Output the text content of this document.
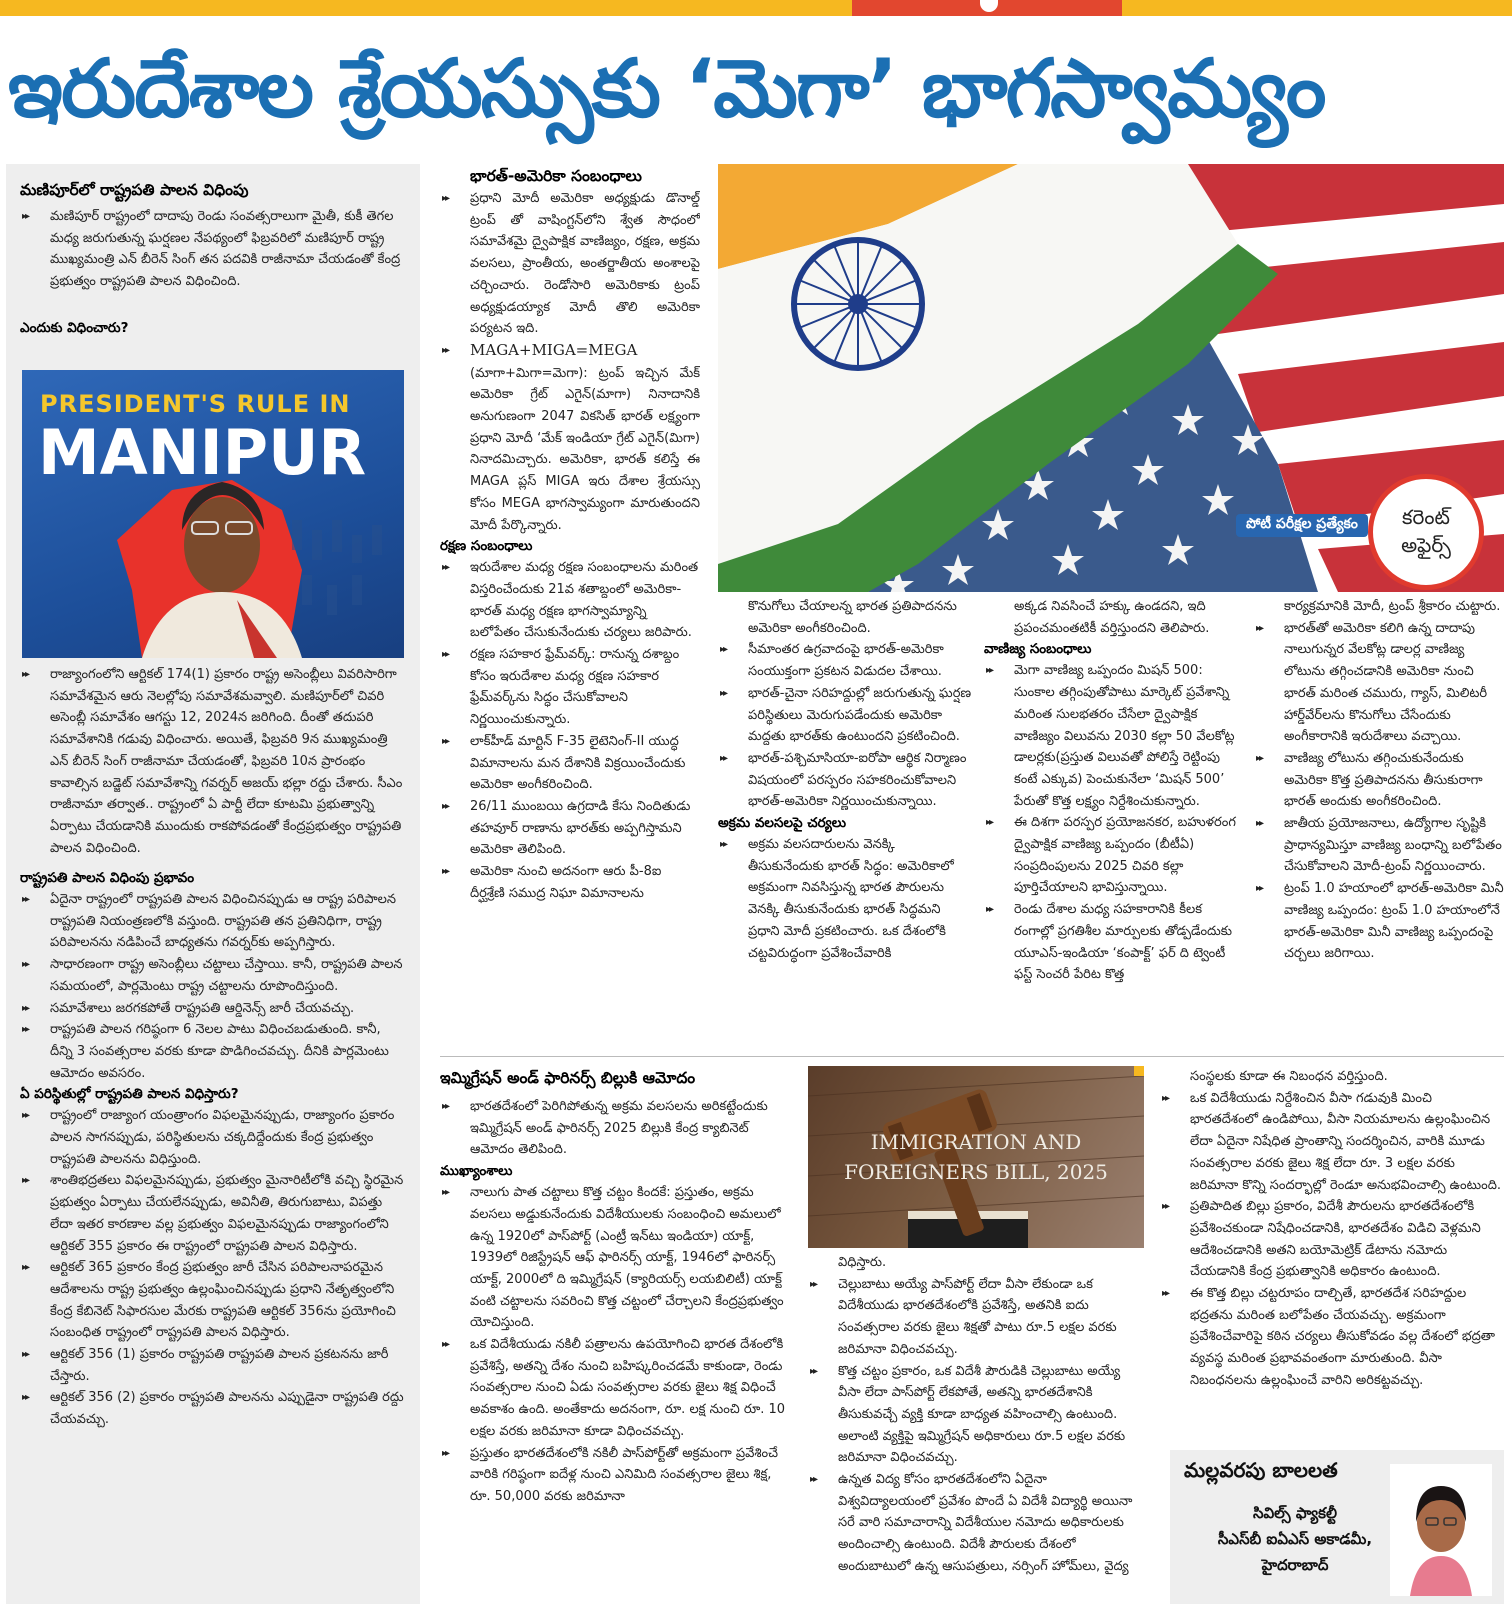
ఇరుదేశాల శ్రేయస్సుకు ‘మెగా’ భాగస్వామ్యం
మణిపూర్‌లో రాష్ట్రపతి పాలన విధింపు
▸▸ మణిపూర్ రాష్ట్రంలో దాదాపు రెండు సంవత్సరాలుగా మైతీ, కుకీ తెగల మధ్య జరుగుతున్న ఘర్షణల నేపథ్యంలో ఫిబ్రవరిలో మణిపూర్ రాష్ట్ర ముఖ్యమంత్రి ఎన్ బీరెన్ సింగ్ తన పదవికి రాజీనామా చేయడంతో కేంద్ర ప్రభుత్వం రాష్ట్రపతి పాలన విధించింది.
ఎందుకు విధించారు?
PRESIDENT'S RULE IN
MANIPUR
▸▸ రాజ్యాంగంలోని ఆర్టికల్ 174(1) ప్రకారం రాష్ట్ర అసెంబ్లీలు వివరిసారిగా సమావేశమైన ఆరు నెలల్లోపు సమావేశమవ్వాలి. మణిపూర్‌లో చివరి అసెంబ్లీ సమావేశం ఆగస్టు 12, 2024న జరిగింది. దీంతో తదుపరి సమావేశానికి గడువు విధించారు. అయితే, ఫిబ్రవరి 9న ముఖ్యమంత్రి ఎన్ బీరెన్ సింగ్ రాజీనామా చేయడంతో, ఫిబ్రవరి 10న ప్రారంభం కావాల్సిన బడ్జెట్ సమావేశాన్ని గవర్నర్ అజయ్ భల్లా రద్దు చేశారు. సీఎం రాజీనామా తర్వాత.. రాష్ట్రంలో ఏ పార్టీ లేదా కూటమి ప్రభుత్వాన్ని ఏర్పాటు చేయడానికి ముందుకు రాకపోవడంతో కేంద్రప్రభుత్వం రాష్ట్రపతి పాలన విధించింది.
రాష్ట్రపతి పాలన విధింపు ప్రభావం
▸▸ ఏదైనా రాష్ట్రంలో రాష్ట్రపతి పాలన విధించినప్పుడు ఆ రాష్ట్ర పరిపాలన రాష్ట్రపతి నియంత్రణలోకి వస్తుంది. రాష్ట్రపతి తన ప్రతినిధిగా, రాష్ట్ర పరిపాలనను నడిపించే బాధ్యతను గవర్నర్‌కు అప్పగిస్తారు.
▸▸ సాధారణంగా రాష్ట్ర అసెంబ్లీలు చట్టాలు చేస్తాయి. కానీ, రాష్ట్రపతి పాలన సమయంలో, పార్లమెంటు రాష్ట్ర చట్టాలను రూపొందిస్తుంది.
▸▸ సమావేశాలు జరగకపోతే రాష్ట్రపతి ఆర్డినెన్స్ జారీ చేయవచ్చు.
▸▸ రాష్ట్రపతి పాలన గరిష్ఠంగా 6 నెలల పాటు విధించబడుతుంది. కానీ, దీన్ని 3 సంవత్సరాల వరకు కూడా పొడిగించవచ్చు. దీనికి పార్లమెంటు ఆమోదం అవసరం.
ఏ పరిస్థితుల్లో రాష్ట్రపతి పాలన విధిస్తారు?
▸▸ రాష్ట్రంలో రాజ్యాంగ యంత్రాంగం విఫలమైనప్పుడు, రాజ్యాంగం ప్రకారం పాలన సాగనప్పుడు, పరిస్థితులను చక్కదిద్దేందుకు కేంద్ర ప్రభుత్వం రాష్ట్రపతి పాలనను విధిస్తుంది.
▸▸ శాంతిభద్రతలు విఫలమైనప్పుడు, ప్రభుత్వం మైనారిటీలోకి వచ్చి స్థిరమైన ప్రభుత్వం ఏర్పాటు చేయలేనప్పుడు, అవినీతి, తిరుగుబాటు, విపత్తు లేదా ఇతర కారణాల వల్ల ప్రభుత్వం విఫలమైనప్పుడు రాజ్యాంగంలోని ఆర్టికల్ 355 ప్రకారం ఈ రాష్ట్రంలో రాష్ట్రపతి పాలన విధిస్తారు.
▸▸ ఆర్టికల్ 365 ప్రకారం కేంద్ర ప్రభుత్వం జారీ చేసిన పరిపాలనాపరమైన ఆదేశాలను రాష్ట్ర ప్రభుత్వం ఉల్లంఘించినప్పుడు ప్రధాని నేతృత్వంలోని కేంద్ర కేబినెట్ సిఫారసుల మేరకు రాష్ట్రపతి ఆర్టికల్ 356ను ప్రయోగించి సంబంధిత రాష్ట్రంలో రాష్ట్రపతి పాలన విధిస్తారు.
▸▸ ఆర్టికల్ 356 (1) ప్రకారం రాష్ట్రపతి రాష్ట్రపతి పాలన ప్రకటనను జారీ చేస్తారు.
▸▸ ఆర్టికల్ 356 (2) ప్రకారం రాష్ట్రపతి పాలనను ఎప్పుడైనా రాష్ట్రపతి రద్దు చేయవచ్చు.
భారత్-అమెరికా సంబంధాలు
▸▸ ప్రధాని మోదీ అమెరికా అధ్యక్షుడు డొనాల్డ్ ట్రంప్ తో వాషింగ్టన్‌లోని శ్వేత సౌధంలో సమావేశమై ద్వైపాక్షిక వాణిజ్యం, రక్షణ, అక్రమ వలసలు, ప్రాంతీయ, అంతర్జాతీయ అంశాలపై చర్చించారు. రెండోసారి అమెరికాకు ట్రంప్ అధ్యక్షుడయ్యాక మోదీ తొలి అమెరికా పర్యటన ఇది.
▸▸ MAGA+MIGA=MEGA (మాగా+మిగా=మెగా): ట్రంప్ ఇచ్చిన మేక్ అమెరికా గ్రేట్ ఎగైన్(మాగా) నినాదానికి అనుగుణంగా 2047 వికసిత్ భారత్ లక్ష్యంగా ప్రధాని మోదీ ‘మేక్ ఇండియా గ్రేట్ ఎగైన్(మిగా) నినాదమిచ్చారు. అమెరికా, భారత్ కలిస్తే ఈ MAGA ప్లస్ MIGA ఇరు దేశాల శ్రేయస్సు కోసం MEGA భాగస్వామ్యంగా మారుతుందని మోదీ పేర్కొన్నారు.
రక్షణ సంబంధాలు
▸▸ ఇరుదేశాల మధ్య రక్షణ సంబంధాలను మరింత విస్తరించేందుకు 21వ శతాబ్దంలో అమెరికా-భారత్ మధ్య రక్షణ భాగస్వామ్యాన్ని బలోపేతం చేసుకునేందుకు చర్యలు జరిపారు.
▸▸ రక్షణ సహకార ఫ్రేమ్‌వర్క్: రానున్న దశాబ్దం కోసం ఇరుదేశాల మధ్య రక్షణ సహకార ఫ్రేమ్‌వర్క్‌ను సిద్ధం చేసుకోవాలని నిర్ణయించుకున్నారు.
▸▸ లాక్‌హీడ్ మార్టిన్ F-35 లైటెనింగ్-II యుద్ధ విమానాలను మన దేశానికి విక్రయించేందుకు అమెరికా అంగీకరించింది.
▸▸ 26/11 ముంబయి ఉగ్రదాడి కేసు నిందితుడు తహవూర్ రాణాను భారత్‌కు అప్పగిస్తామని అమెరికా తెలిపింది.
▸▸ అమెరికా నుంచి అదనంగా ఆరు పీ-8ఐ దీర్ఘశ్రేణి సముద్ర నిఘా విమానాలను
పోటీ పరీక్షల ప్రత్యేకం	కరెంట్
అఫైర్స్
కొనుగోలు చేయాలన్న భారత ప్రతిపాదనను అమెరికా అంగీకరించింది.
▸▸ సీమాంతర ఉగ్రవాదంపై భారత్-అమెరికా సంయుక్తంగా ప్రకటన విడుదల చేశాయి.
▸▸ భారత్-చైనా సరిహద్దుల్లో జరుగుతున్న ఘర్షణ పరిస్థితులు మెరుగుపడేందుకు అమెరికా మద్దతు భారత్‌కు ఉంటుందని ప్రకటించింది.
▸▸ భారత్-పశ్చిమాసియా-ఐరోపా ఆర్థిక నిర్మాణం విషయంలో పరస్పరం సహకరించుకోవాలని భారత్-అమెరికా నిర్ణయించుకున్నాయి.
అక్రమ వలసలపై చర్యలు
▸▸ అక్రమ వలసదారులను వెనక్కి తీసుకునేందుకు భారత్ సిద్ధం: అమెరికాలో అక్రమంగా నివసిస్తున్న భారత పౌరులను వెనక్కి తీసుకునేందుకు భారత్ సిద్ధమని ప్రధాని మోదీ ప్రకటించారు. ఒక దేశంలోకి చట్టవిరుద్ధంగా ప్రవేశించేవారికి
అక్కడ నివసించే హక్కు ఉండదని, ఇది ప్రపంచమంతటికీ వర్తిస్తుందని తెలిపారు.
వాణిజ్య సంబంధాలు
▸▸ మెగా వాణిజ్య ఒప్పందం మిషన్ 500: సుంకాల తగ్గింపుతోపాటు మార్కెట్ ప్రవేశాన్ని మరింత సులభతరం చేసేలా ద్వైపాక్షిక వాణిజ్యం విలువను 2030 కల్లా 50 వేలకోట్ల డాలర్లకు(ప్రస్తుత విలువతో పోలిస్తే రెట్టింపు కంటే ఎక్కువ) పెంచుకునేలా ‘మిషన్ 500’ పేరుతో కొత్త లక్ష్యం నిర్దేశించుకున్నారు.
▸▸ ఈ దిశగా పరస్పర ప్రయోజనకర, బహుళరంగ ద్వైపాక్షిక వాణిజ్య ఒప్పందం (బీటీఏ) సంప్రదింపులను 2025 చివరి కల్లా పూర్తిచేయాలని భావిస్తున్నాయి.
▸▸ రెండు దేశాల మధ్య సహకారానికి కీలక రంగాల్లో ప్రగతిశీల మార్పులకు తోడ్పడేందుకు యూఎస్-ఇండియా ‘కంపాక్ట్’ ఫర్ ది ట్వెంటీ ఫస్ట్ సెంచరీ పేరిట కొత్త
కార్యక్రమానికి మోదీ, ట్రంప్ శ్రీకారం చుట్టారు.
▸▸ భారత్‌తో అమెరికా కలిగి ఉన్న దాదాపు నాలుగున్నర వేలకోట్ల డాలర్ల వాణిజ్య లోటును తగ్గించడానికి అమెరికా నుంచి భారత్ మరింత చమురు, గ్యాస్, మిలిటరీ హార్డ్‌వేర్‌లను కొనుగోలు చేసేందుకు అంగీకారానికి ఇరుదేశాలు వచ్చాయి.
▸▸ వాణిజ్య లోటును తగ్గించుకునేందుకు అమెరికా కొత్త ప్రతిపాదనను తీసుకురాగా భారత్ అందుకు అంగీకరించింది.
▸▸ జాతీయ ప్రయోజనాలు, ఉద్యోగాల సృష్టికి ప్రాధాన్యమిస్తూ వాణిజ్య బంధాన్ని బలోపేతం చేసుకోవాలని మోదీ-ట్రంప్ నిర్ణయించారు.
▸▸ ట్రంప్ 1.0 హయాంలో భారత్-అమెరికా మినీ వాణిజ్య ఒప్పందం: ట్రంప్ 1.0 హయాంలోనే భారత్-అమెరికా మినీ వాణిజ్య ఒప్పందంపై చర్చలు జరిగాయి.
ఇమ్మిగ్రేషన్ అండ్ ఫారినర్స్ బిల్లుకి ఆమోదం
▸▸ భారతదేశంలో పెరిగిపోతున్న అక్రమ వలసలను అరికట్టేందుకు ఇమ్మిగ్రేషన్ అండ్ ఫారినర్స్ 2025 బిల్లుకి కేంద్ర క్యాబినెట్ ఆమోదం తెలిపింది.
ముఖ్యాంశాలు
▸▸ నాలుగు పాత చట్టాలు కొత్త చట్టం కిందకే: ప్రస్తుతం, అక్రమ వలసలు అడ్డుకునేందుకు విదేశీయులకు సంబంధించి అమలులో ఉన్న 1920లో పాస్‌పోర్ట్ (ఎంట్రీ ఇన్‌టు ఇండియా) యాక్ట్, 1939లో రిజిస్ట్రేషన్ ఆఫ్ ఫారినర్స్ యాక్ట్, 1946లో ఫారినర్స్ యాక్ట్, 2000లో ది ఇమ్మిగ్రేషన్ (క్యారియర్స్ లయబిలిటీ) యాక్ట్ వంటి చట్టాలను సవరించి కొత్త చట్టంలో చేర్చాలని కేంద్రప్రభుత్వం యోచిస్తుంది.
▸▸ ఒక విదేశీయుడు నకిలీ పత్రాలను ఉపయోగించి భారత దేశంలోకి ప్రవేశిస్తే, అతన్ని దేశం నుంచి బహిష్కరించడమే కాకుండా, రెండు సంవత్సరాల నుంచి ఏడు సంవత్సరాల వరకు జైలు శిక్ష విధించే అవకాశం ఉంది. అంతేకాదు అదనంగా, రూ. లక్ష నుంచి రూ. 10 లక్షల వరకు జరిమానా కూడా విధించవచ్చు.
▸▸ ప్రస్తుతం భారతదేశంలోకి నకిలీ పాస్‌పోర్ట్‌తో అక్రమంగా ప్రవేశించే వారికి గరిష్ఠంగా ఐదేళ్ల నుంచి ఎనిమిది సంవత్సరాల జైలు శిక్ష, రూ. 50,000 వరకు జరిమానా
IMMIGRATION AND
FOREIGNERS BILL, 2025
విధిస్తారు.
▸▸ చెల్లుబాటు అయ్యే పాస్‌పోర్ట్ లేదా వీసా లేకుండా ఒక విదేశీయుడు భారతదేశంలోకి ప్రవేశిస్తే, అతనికి ఐదు సంవత్సరాల వరకు జైలు శిక్షతో పాటు రూ.5 లక్షల వరకు జరిమానా విధించవచ్చు.
▸▸ కొత్త చట్టం ప్రకారం, ఒక విదేశీ పౌరుడికి చెల్లుబాటు అయ్యే వీసా లేదా పాస్‌పోర్ట్ లేకపోతే, అతన్ని భారతదేశానికి తీసుకువచ్చే వ్యక్తి కూడా బాధ్యత వహించాల్సి ఉంటుంది. అలాంటి వ్యక్తిపై ఇమ్మిగ్రేషన్ అధికారులు రూ.5 లక్షల వరకు జరిమానా విధించవచ్చు.
▸▸ ఉన్నత విద్య కోసం భారతదేశంలోని ఏదైనా విశ్వవిద్యాలయంలో ప్రవేశం పొందే ఏ విదేశీ విద్యార్థి అయినా సరే వారి సమాచారాన్ని విదేశీయుల నమోదు అధికారులకు అందించాల్సి ఉంటుంది. విదేశీ పౌరులకు దేశంలో అందుబాటులో ఉన్న ఆసుపత్రులు, నర్సింగ్ హోమ్‌లు, వైద్య
సంస్థలకు కూడా ఈ నిబంధన వర్తిస్తుంది.
▸▸ ఒక విదేశీయుడు నిర్దేశించిన వీసా గడువుకి మించి భారతదేశంలో ఉండిపోయి, వీసా నియమాలను ఉల్లంఘించిన లేదా ఏదైనా నిషేధిత ప్రాంతాన్ని సందర్శించిన, వారికి మూడు సంవత్సరాల వరకు జైలు శిక్ష లేదా రూ. 3 లక్షల వరకు జరిమానా కొన్ని సందర్భాల్లో రెండూ అనుభవించాల్సి ఉంటుంది.
▸▸ ప్రతిపాదిత బిల్లు ప్రకారం, విదేశీ పౌరులను భారతదేశంలోకి ప్రవేశించకుండా నిషేధించడానికి, భారతదేశం విడిచి వెళ్లమని ఆదేశించడానికి అతని బయోమెట్రిక్ డేటాను నమోదు చేయడానికి కేంద్ర ప్రభుత్వానికి అధికారం ఉంటుంది.
▸▸ ఈ కొత్త బిల్లు చట్టరూపం దాల్చితే, భారతదేశ సరిహద్దుల భద్రతను మరింత బలోపేతం చేయవచ్చు. అక్రమంగా ప్రవేశించేవారిపై కఠిన చర్యలు తీసుకోవడం వల్ల దేశంలో భద్రతా వ్యవస్థ మరింత ప్రభావవంతంగా మారుతుంది. వీసా నిబంధనలను ఉల్లంఘించే వారిని అరికట్టవచ్చు.
మల్లవరపు బాలలత
సివిల్స్ ఫ్యాకల్టీ
సీఎస్‌బీ ఐఏఎస్ అకాడమీ,
హైదరాబాద్
